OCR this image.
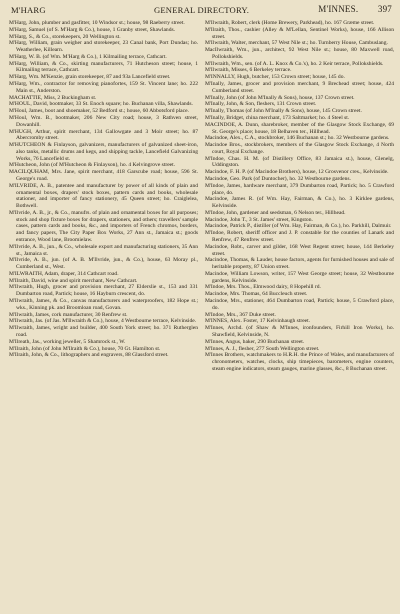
M'HARG	GENERAL DIRECTORY.	M'INNES. 397

M'Harg, John, plumber and gasfitter, 10 Windsor st.; house, 98 Raeberry street.

M'Harg, Samuel (of S. M'Harg & Co.), house, 1 Granby street, Shawlands.

M'Harg, S., & Co., storekeepers, 20 Wellington st.

M'Harg, William, grain weigher and storekeeper, 23 Canal bank, Port Dundas; ho. Weatherlee, Killearn.

M'Harg, W. B. (of Wm. M'Harg & Co.), 1 Kilmailing terrace, Cathcart.

M'Harg, William, & Co., skirting manufacturers, 71 Hutcheson street; house, 1 Kilmailing terrace, Cathcart.

M'Harg, Wm. M'Kenzie, grain storekeeper, 87 and 93a Lancefield street.

M'Harg, Wm., contractor for removing pianofortes, 159 St. Vincent lane; ho. 222 Main st., Anderston.

MACHATTIE, Miss, 2 Buckingham st.

M'HOUL, David, bootmaker, 33 St. Enoch square; ho. Buchanan villa, Shawlands.

M'Houl, James, boot and shoemaker, 52 Bedford st.; house, 60 Abbotsford place.

M'Houl, Wm. B., bootmaker, 206 New City road; house, 3 Rathven street, Dowanhill.

M'HUGH, Arthur, spirit merchant, 134 Gallowgate and 3 Moir street; ho. 87 Abercromby street.

M'HUTCHEON & Finlayson, galvanizers, manufacturers of galvanized sheet-iron, also tanks, metallic drums and kegs, and shipping tackle, Lancefield Galvanizing Works, 76 Lancefield st.

M'Hutcheon, John (of M'Hutcheon & Finlayson), ho. 4 Kelvingrove street.

MACILQUHAM, Mrs. Jane, spirit merchant, 418 Garscube road; house, 596 St. George's road.

M'ILVRIDE, A. B., patentee and manufacturer by power of all kinds of plain and ornamental boxes, drapers' stock boxes, pattern cards and books, wholesale stationer, and importer of fancy stationery, 45 Queen street; ho. Craiglelea, Bothwell.

M'Ilvride, A. B., jr., & Co., manufrs. of plain and ornamental boxes for all purposes; stock and shop fixture boxes for drapers, stationers, and others; travellers' sample cases, pattern cards and books, &c., and importers of French chromos, borders, and fancy papers, The City Paper Box Works, 27 Ann st., Jamaica st.; goods entrance, Wood lane, Broomielaw.

M'Ilvride, A. B., jun., & Co., wholesale export and manufacturing stationers, 35 Ann st., Jamaica st.

M'Ilvride, A. B., jun. (of A. B. M'Ilvride, jun., & Co.), house, 63 Moray pl., Cumberland st., West.

M'ILWRAITH, Adam, draper, 314 Cathcart road.

M'Ilraith, David, wine and spirit merchant, New Cathcart.

M'Ilwraith, Hugh, grocer and provision merchant, 27 Elderslie st., 153 and 331 Dumbarton road, Partick; house, 16 Hayburn crescent, do.

M'Ilwraith, James, & Co., canvas manufacturers and waterproofers, 182 Hope st.; wks., Kinning pk. and Broomloan road, Govan.

M'Ilwraith, James, cork manufacturer, 30 Renfrew st.

M'Ilwraith, Jas. (of Jas. M'Ilwraith & Co.), house, 4 Westbourne terrace, Kelvinside.

M'Ilwraith, James, wright and builder, 400 South York street; ho. 371 Rutherglen road.

M'Ilreath, Jas., working jeweller, 5 Shamrock st., W.

M'Ilraith, John (of John M'Ilraith & Co.), house, 70 Gt. Hamilton st.

M'Ilraith, John, & Co., lithographers and engravers, 88 Glassford street.

M'Ilwraith, Robert, clerk (Home Brewery, Parkhead), ho. 167 Græme street.

M'Ilraith, Thos., cashier (Alley & M'Lellan, Sentinel Works), house, 166 Allison street.

M'Ilwraith, Walter, merchant, 57 West Nile st.; ho. Turnberry House, Cambuslang.

MacIlwraith, Wm., jun., architect, 92 West Nile st.; house, 80 Maxwell road, Pollokshields.

M'Ilwraith, Wm., sen. (of A. L. Knox & Co.'s), ho. 2 Keir terrace, Pollokshields.

M'Ilwraith, Misses, 6 Berkeley terrace.

M'INNALLY, Hugh, butcher, 153 Crown street; house, 145 do.

M'Inally, James, grocer and provision merchant, 9 Brechead street; house, 424 Cumberland street.

M'Inally, John (of John M'Inally & Sons), house, 137 Crown street.

M'Inally, John, & Son, fleshers, 131 Crown street.

M'Inally, Thomas (of John M'Inally & Sons), house, 145 Crown street.

M'Inally, Bridget, china merchant, 173 Saltmarket; ho. 4 Steel st.

MACINDOE, A. Dunn, sharebroker, member of the Glasgow Stock Exchange, 69 St. George's place; house, 18 Belhaven ter., Hillhead.

Macindoe, Alex., C.A., stockbroker, 146 Buchanan st.; ho. 32 Westbourne gardens.

Macindoe Bros., stockbrokers, members of the Glasgow Stock Exchange, 4 North court, Royal Exchange.

M'Indoe, Chas. H. M. (of Distillery Office, 83 Jamaica st.), house, Glenelg, Uddingston.

Macindoe, F. H. P. (of Macindoe Brothers), house, 12 Grosvenor cres., Kelvinside.

Macindoe, Geo. Park (of Duntocher), ho. 32 Westbourne gardens.

M'Indoe, James, hardware merchant, 379 Dumbarton road, Partick; ho. 5 Crawford place, do.

Macindoe, James R. (of Wm. Hay, Fairman, & Co.), ho. 3 Kirklee gardens, Kelvinside.

M'Indoe, John, gardener and seedsman, 6 Nelson ter., Hillhead.

Macindoe, John T., 3 St. James' street, Kingston.

Macindoe, Patrick P., distiller (of Wm. Hay, Fairman, & Co.), ho. Parkhill, Dalmuir.

M'Indoe, Robert, sheriff officer and J. P. constable for the counties of Lanark and Renfrew, 47 Renfrew street.

Macindoe, Robt., carver and gilder, 168 West Regent street; house, 144 Berkeley street.

Macindoe, Thomas, & Lauder, house factors, agents for furnished houses and sale of heritable property, 87 Union street.

Macindoe, William Lowson, writer, 157 West George street; house, 32 Westbourne gardens, Kelvinside.

M'Indoe, Mrs. Thos., Elmwood dairy, 8 Hopehill rd.

Macindoe, Mrs. Thomas, 64 Buccleuch street.

Macindoe, Mrs., stationer, 464 Dumbarton road, Partick; house, 5 Crawford place, do.

M'Indoe, Mrs., 367 Duke street.

M'INNES, Alex. Foster, 17 Kelvinhaugh street.

M'Innes, Archd. (of Shaw & M'Innes, ironfounders, Firhill Iron Works), ho. Shawfield, Kelvinside, N.

M'Innes, Angus, baker, 290 Buchanan street.

M'Innes, A. J., flesher, 277 South Wellington street.

M'Innes Brothers, watchmakers to H.R.H. the Prince of Wales, and manufacturers of chronometers, watches, clocks, ship timepieces, barometers, engine counters, steam engine indicators, steam gauges, marine glasses, &c., 8 Buchanan street.
